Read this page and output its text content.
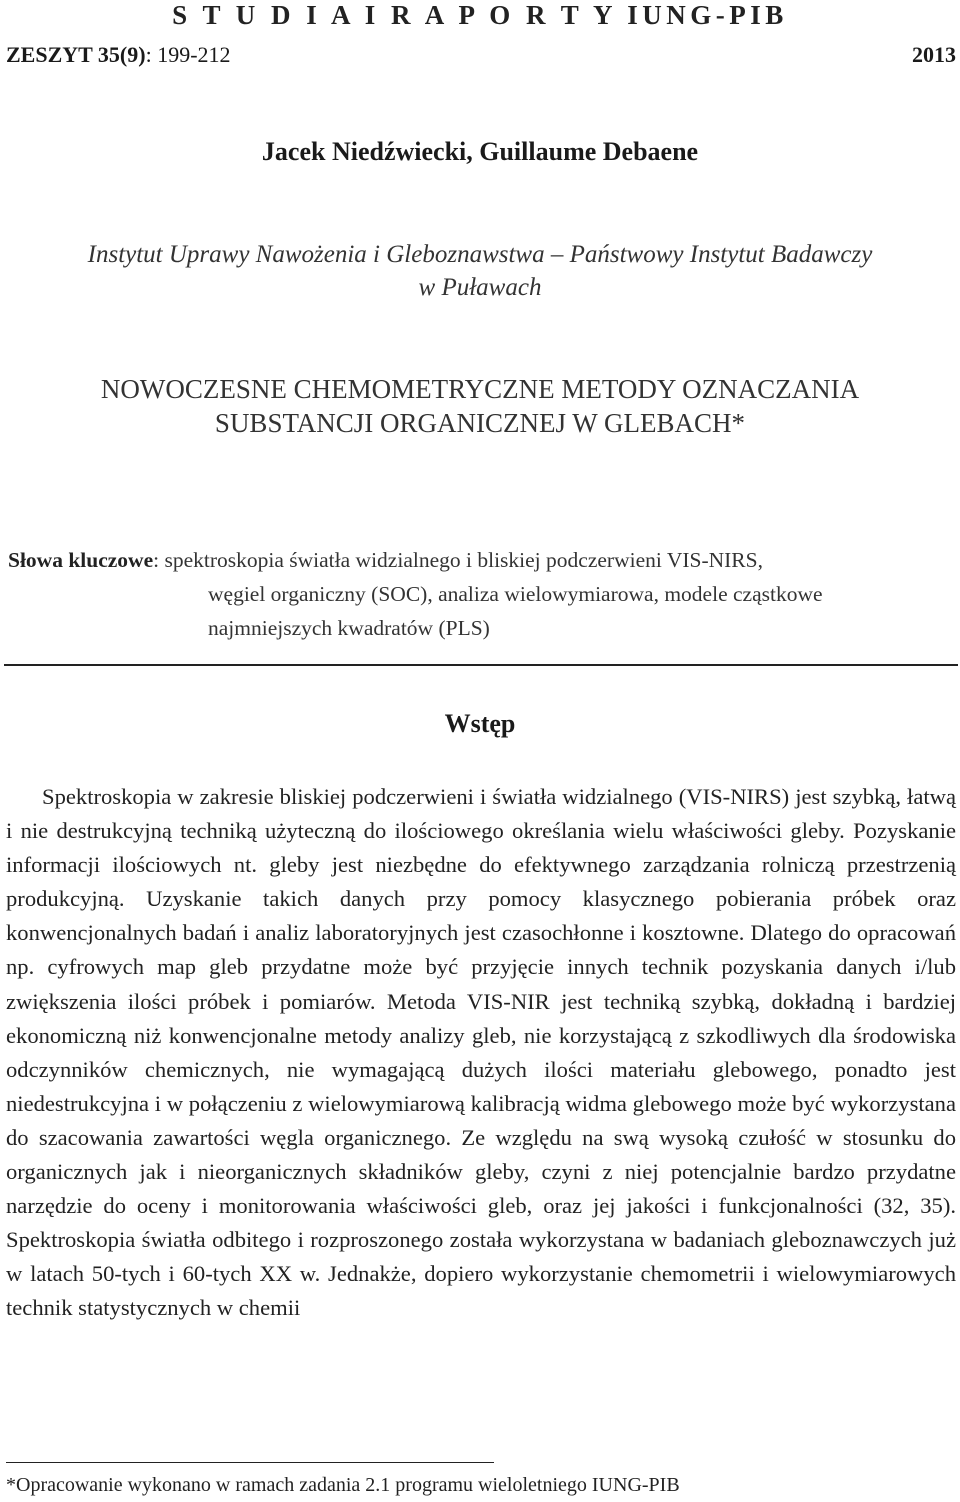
S T U D I A I R A P O R T Y IUNG-PIB
ZESZYT 35(9): 199-212	2013
Jacek Niedźwiecki, Guillaume Debaene
Instytut Uprawy Nawożenia i Gleboznawstwa – Państwowy Instytut Badawczy
w Puławach
NOWOCZESNE CHEMOMETRYCZNE METODY OZNACZANIA
SUBSTANCJI ORGANICZNEJ W GLEBACH*
Słowa kluczowe: spektroskopia światła widzialnego i bliskiej podczerwieni VIS-NIRS,
węgiel organiczny (SOC), analiza wielowymiarowa, modele cząstkowe
najmniejszych kwadratów (PLS)
Wstęp

Spektroskopia w zakresie bliskiej podczerwieni i światła widzialnego (VIS-NIRS) jest szybką, łatwą i nie destrukcyjną techniką użyteczną do ilościowego określania wielu właściwości gleby. Pozyskanie informacji ilościowych nt. gleby jest niezbędne do efektywnego zarządzania rolniczą przestrzenią produkcyjną. Uzyskanie takich danych przy pomocy klasycznego pobierania próbek oraz konwencjonalnych badań i analiz laboratoryjnych jest czasochłonne i kosztowne. Dlatego do opracowań np. cyfrowych map gleb przydatne może być przyjęcie innych technik pozyskania danych i/lub zwiększenia ilości próbek i pomiarów. Metoda VIS-NIR jest techniką szybką, dokładną i bardziej ekonomiczną niż konwencjonalne metody analizy gleb, nie korzystającą z szkodliwych dla środowiska odczynników chemicznych, nie wymagającą dużych ilości materiału glebowego, ponadto jest niedestrukcyjna i w połączeniu z wielowymiarową kalibracją widma glebowego może być wykorzystana do szacowania zawartości węgla organicznego. Ze względu na swą wysoką czułość w stosunku do organicznych jak i nieorganicznych składników gleby, czyni z niej potencjalnie bardzo przydatne narzędzie do oceny i monitorowania właściwości gleb, oraz jej jakości i funkcjonalności (32, 35). Spektroskopia światła odbitego i rozproszonego została wykorzystana w badaniach gleboznawczych już w latach 50-tych i 60-tych XX w. Jednakże, dopiero wykorzystanie chemometrii i wielowymiarowych technik statystycznych w chemii

*Opracowanie wykonano w ramach zadania 2.1 programu wieloletniego IUNG-PIB
